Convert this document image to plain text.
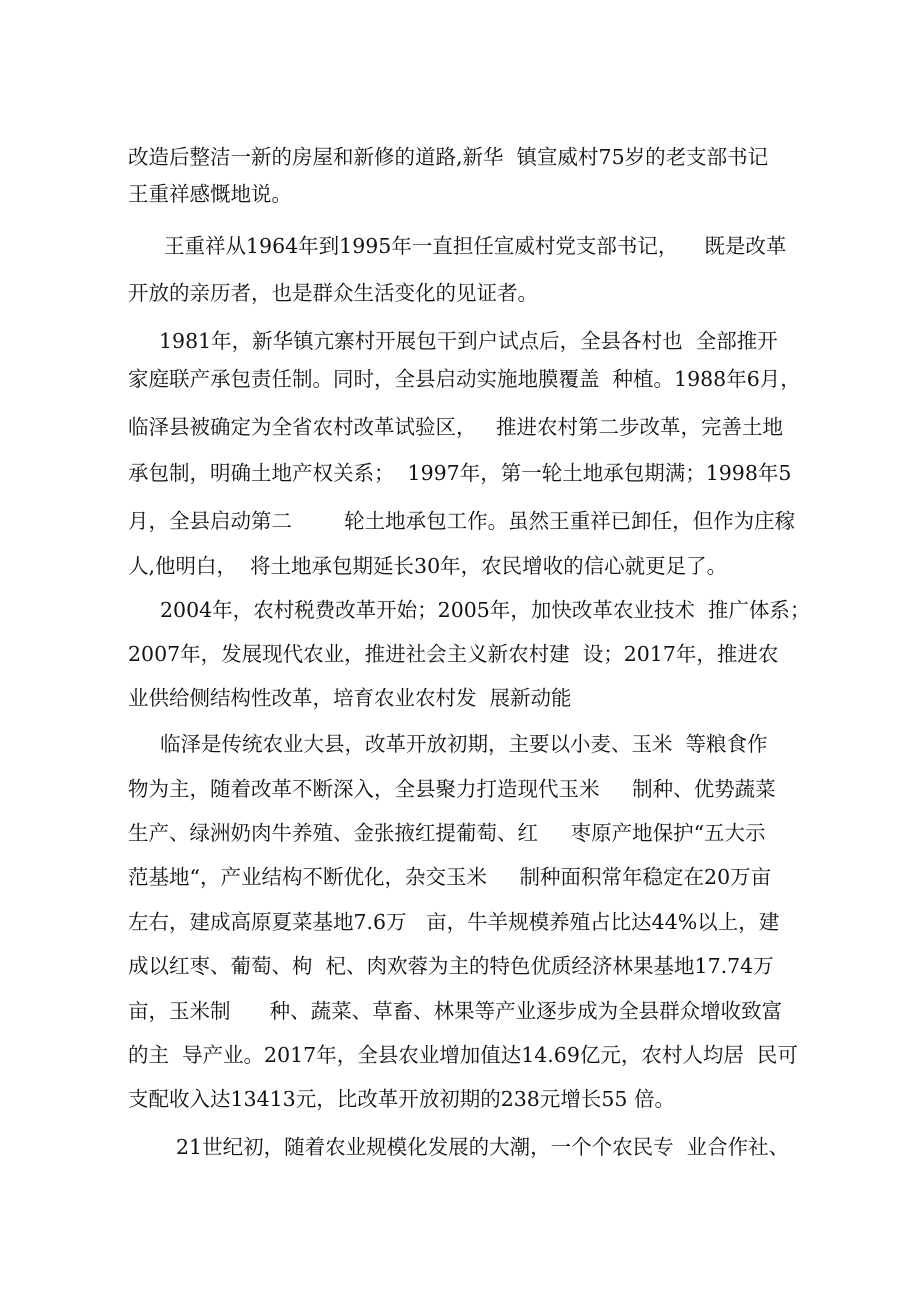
改造后整洁一新的房屋和新修的道路,新华  镇宣威村75岁的老支部书记
王重祥感慨地说。
王重祥从1964年到1995年一直担任宣威村党支部书记，    既是改革
开放的亲历者，也是群众生活变化的见证者。
1981年，新华镇亢寨村开展包干到户试点后，全县各村也  全部推开
家庭联产承包责任制。同时，全县启动实施地膜覆盖  种植。1988年6月，
临泽县被确定为全省农村改革试验区，   推进农村第二步改革，完善土地
承包制，明确土地产权关系；  1997年，第一轮土地承包期满；1998年5
月，全县启动第二        轮土地承包工作。虽然王重祥已卸任，但作为庄稼
人,他明白，  将土地承包期延长30年，农民增收的信心就更足了。
2004年，农村税费改革开始；2005年，加快改革农业技术  推广体系；
2007年，发展现代农业，推进社会主义新农村建  设；2017年，推进农
业供给侧结构性改革，培育农业农村发  展新动能
临泽是传统农业大县，改革开放初期，主要以小麦、玉米  等粮食作
物为主，随着改革不断深入，全县聚力打造现代玉米     制种、优势蔬菜
生产、绿洲奶肉牛养殖、金张掖红提葡萄、红     枣原产地保护“五大示
范基地“，产业结构不断优化，杂交玉米     制种面积常年稳定在20万亩
左右，建成高原夏菜基地7.6万   亩，牛羊规模养殖占比达44%以上，建
成以红枣、葡萄、枸  杞、肉欢蓉为主的特色优质经济林果基地17.74万
亩，玉米制      种、蔬菜、草畜、林果等产业逐步成为全县群众增收致富
的主  导产业。2017年，全县农业增加值达14.69亿元，农村人均居  民可
支配收入达13413元，比改革开放初期的238元增长55 倍。
21世纪初，随着农业规模化发展的大潮，一个个农民专  业合作社、
